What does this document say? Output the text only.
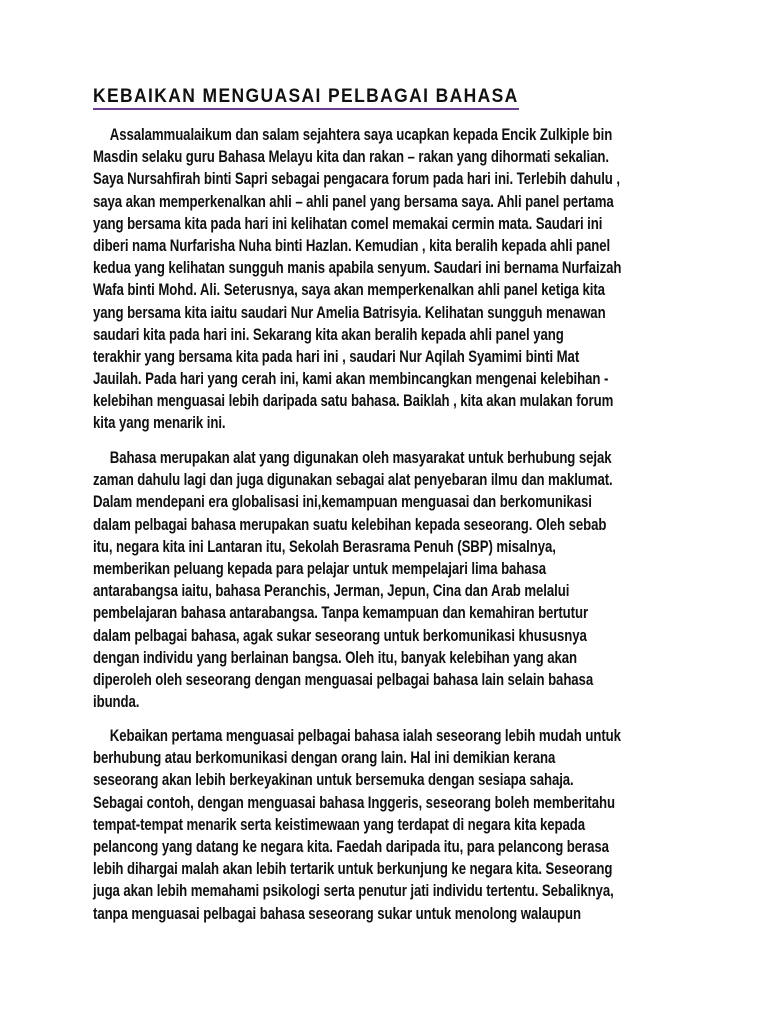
KEBAIKAN MENGUASAI PELBAGAI BAHASA
Assalammualaikum dan salam sejahtera saya ucapkan kepada Encik Zulkiple bin
Masdin selaku guru Bahasa Melayu kita dan rakan – rakan yang dihormati sekalian.
Saya Nursahfirah binti Sapri sebagai pengacara forum pada hari ini. Terlebih dahulu ,
saya akan memperkenalkan ahli – ahli panel yang bersama saya. Ahli panel pertama
yang bersama kita pada hari ini kelihatan comel memakai cermin mata. Saudari ini
diberi nama Nurfarisha Nuha binti Hazlan. Kemudian , kita beralih kepada ahli panel
kedua yang kelihatan sungguh manis apabila senyum. Saudari ini bernama Nurfaizah
Wafa binti Mohd. Ali. Seterusnya, saya akan memperkenalkan ahli panel ketiga kita
yang bersama kita iaitu saudari Nur Amelia Batrisyia. Kelihatan sungguh menawan
saudari kita pada hari ini. Sekarang kita akan beralih kepada ahli panel yang
terakhir yang bersama kita pada hari ini , saudari Nur Aqilah Syamimi binti Mat
Jauilah. Pada hari yang cerah ini, kami akan membincangkan mengenai kelebihan -
kelebihan menguasai lebih daripada satu bahasa. Baiklah , kita akan mulakan forum
kita yang menarik ini.
Bahasa merupakan alat yang digunakan oleh masyarakat untuk berhubung sejak
zaman dahulu lagi dan juga digunakan sebagai alat penyebaran ilmu dan maklumat.
Dalam mendepani era globalisasi ini,kemampuan menguasai dan berkomunikasi
dalam pelbagai bahasa merupakan suatu kelebihan kepada seseorang. Oleh sebab
itu, negara kita ini Lantaran itu, Sekolah Berasrama Penuh (SBP) misalnya,
memberikan peluang kepada para pelajar untuk mempelajari lima bahasa
antarabangsa iaitu, bahasa Peranchis, Jerman, Jepun, Cina dan Arab melalui
pembelajaran bahasa antarabangsa. Tanpa kemampuan dan kemahiran bertutur
dalam pelbagai bahasa, agak sukar seseorang untuk berkomunikasi khususnya
dengan individu yang berlainan bangsa. Oleh itu, banyak kelebihan yang akan
diperoleh oleh seseorang dengan menguasai pelbagai bahasa lain selain bahasa
ibunda.
Kebaikan pertama menguasai pelbagai bahasa ialah seseorang lebih mudah untuk
berhubung atau berkomunikasi dengan orang lain. Hal ini demikian kerana
seseorang akan lebih berkeyakinan untuk bersemuka dengan sesiapa sahaja.
Sebagai contoh, dengan menguasai bahasa Inggeris, seseorang boleh memberitahu
tempat-tempat menarik serta keistimewaan yang terdapat di negara kita kepada
pelancong yang datang ke negara kita. Faedah daripada itu, para pelancong berasa
lebih dihargai malah akan lebih tertarik untuk berkunjung ke negara kita. Seseorang
juga akan lebih memahami psikologi serta penutur jati individu tertentu. Sebaliknya,
tanpa menguasai pelbagai bahasa seseorang sukar untuk menolong walaupun
